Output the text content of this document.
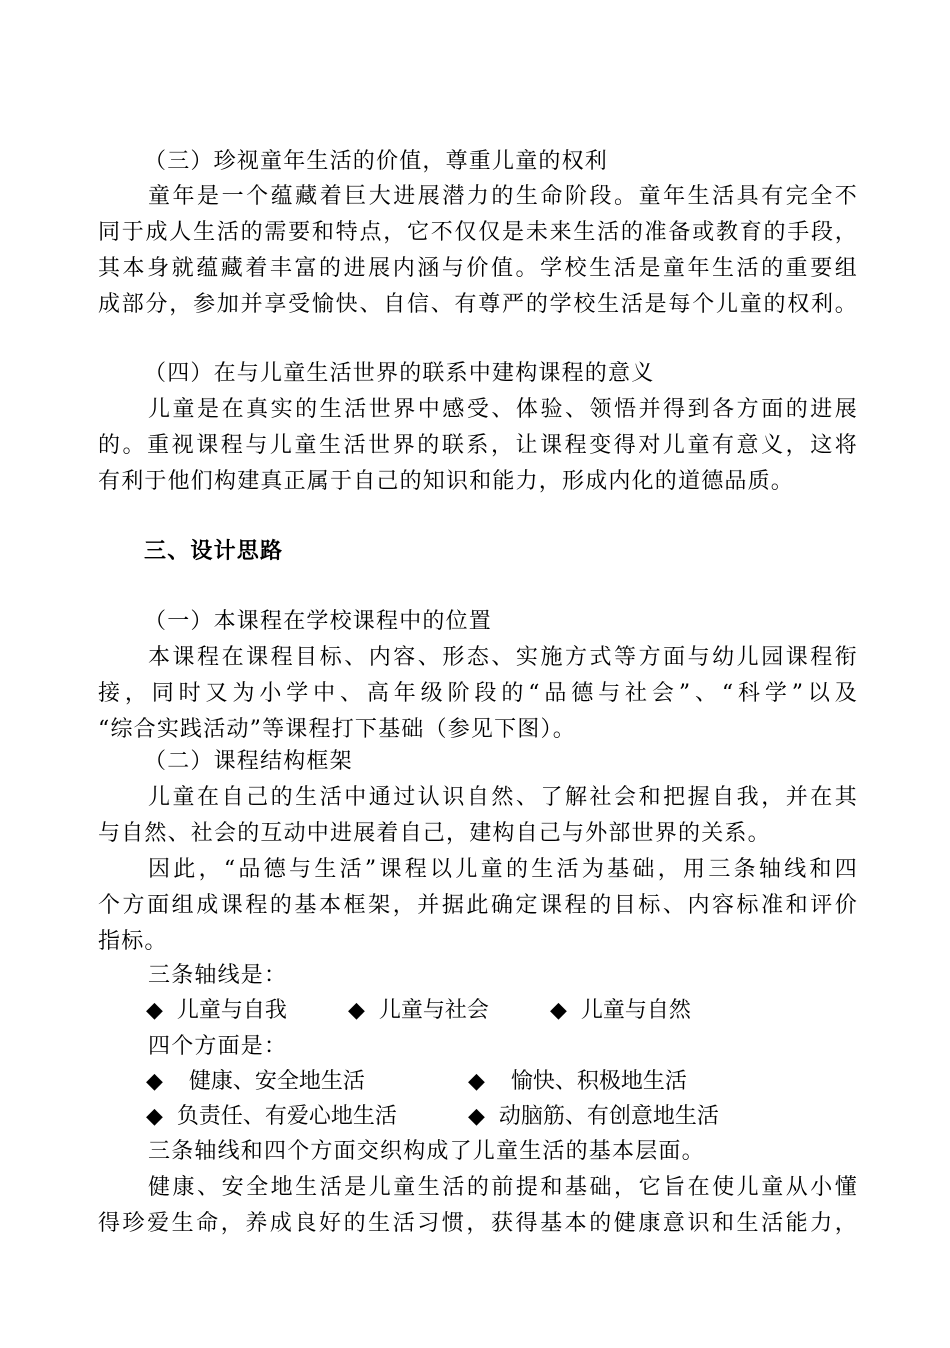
（三）珍视童年生活的价值，尊重儿童的权利
童年是一个蕴藏着巨大进展潜力的生命阶段。童年生活具有完全不
同于成人生活的需要和特点，它不仅仅是未来生活的准备或教育的手段，
其本身就蕴藏着丰富的进展内涵与价值。学校生活是童年生活的重要组
成部分，参加并享受愉快、自信、有尊严的学校生活是每个儿童的权利。
（四）在与儿童生活世界的联系中建构课程的意义
儿童是在真实的生活世界中感受、体验、领悟并得到各方面的进展
的。重视课程与儿童生活世界的联系，让课程变得对儿童有意义，这将
有利于他们构建真正属于自己的知识和能力，形成内化的道德品质。
三、设计思路
（一）本课程在学校课程中的位置
本课程在课程目标、内容、形态、实施方式等方面与幼儿园课程衔
接，同时又为小学中、高年级阶段的“品德与社会”、“科学”以及
“综合实践活动”等课程打下基础（参见下图）。
（二）课程结构框架
儿童在自己的生活中通过认识自然、了解社会和把握自我，并在其
与自然、社会的互动中进展着自己，建构自己与外部世界的关系。
因此，“品德与生活”课程以儿童的生活为基础，用三条轴线和四
个方面组成课程的基本框架，并据此确定课程的目标、内容标准和评价
指标。
三条轴线是：
◆ 儿童与自我	◆ 儿童与社会	◆ 儿童与自然
四个方面是：
◆ 健康、安全地生活	◆ 愉快、积极地生活
◆ 负责任、有爱心地生活	◆ 动脑筋、有创意地生活
三条轴线和四个方面交织构成了儿童生活的基本层面。
健康、安全地生活是儿童生活的前提和基础，它旨在使儿童从小懂
得珍爱生命，养成良好的生活习惯，获得基本的健康意识和生活能力，
